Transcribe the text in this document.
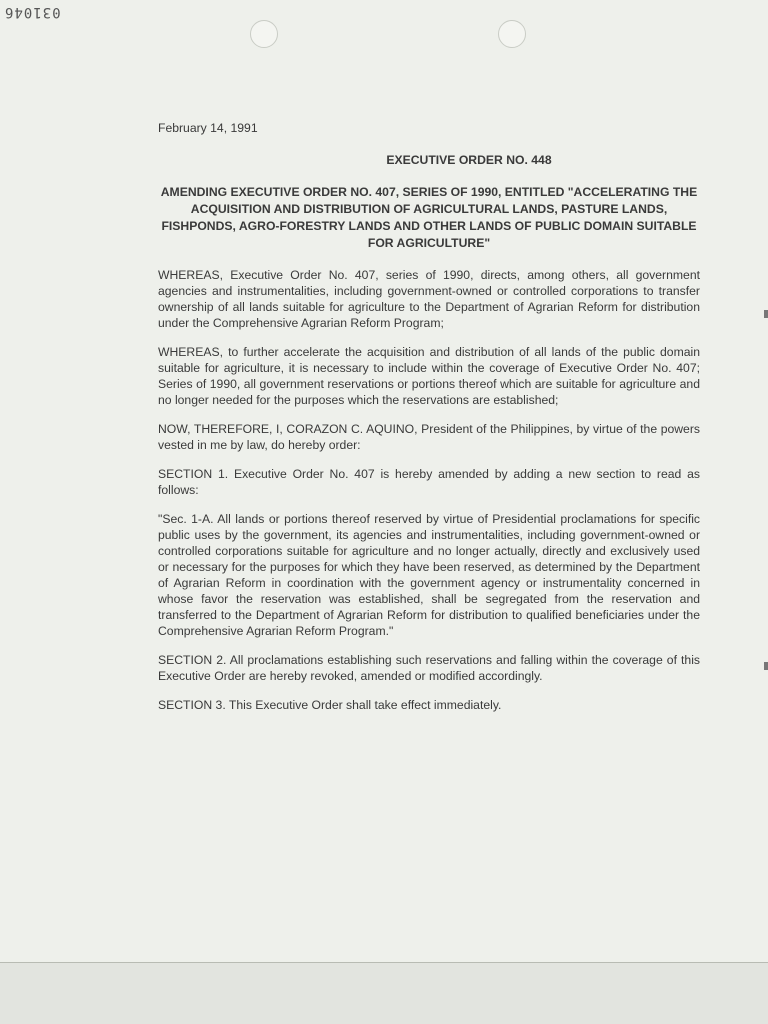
031046

February 14, 1991

EXECUTIVE ORDER NO. 448

AMENDING EXECUTIVE ORDER NO. 407, SERIES OF 1990, ENTITLED "ACCELERATING THE ACQUISITION AND DISTRIBUTION OF AGRICULTURAL LANDS, PASTURE LANDS, FISHPONDS, AGRO-FORESTRY LANDS AND OTHER LANDS OF PUBLIC DOMAIN SUITABLE FOR AGRICULTURE"

WHEREAS, Executive Order No. 407, series of 1990, directs, among others, all government agencies and instrumentalities, including government-owned or controlled corporations to transfer ownership of all lands suitable for agriculture to the Department of Agrarian Reform for distribution under the Comprehensive Agrarian Reform Program;

WHEREAS, to further accelerate the acquisition and distribution of all lands of the public domain suitable for agriculture, it is necessary to include within the coverage of Executive Order No. 407; Series of 1990, all government reservations or portions thereof which are suitable for agriculture and no longer needed for the purposes which the reservations are established;

NOW, THEREFORE, I, CORAZON C. AQUINO, President of the Philippines, by virtue of the powers vested in me by law, do hereby order:

SECTION 1. Executive Order No. 407 is hereby amended by adding a new section to read as follows:

"Sec. 1-A. All lands or portions thereof reserved by virtue of Presidential proclamations for specific public uses by the government, its agencies and instrumentalities, including government-owned or controlled corporations suitable for agriculture and no longer actually, directly and exclusively used or necessary for the purposes for which they have been reserved, as determined by the Department of Agrarian Reform in coordination with the government agency or instrumentality concerned in whose favor the reservation was established, shall be segregated from the reservation and transferred to the Department of Agrarian Reform for distribution to qualified beneficiaries under the Comprehensive Agrarian Reform Program."

SECTION 2. All proclamations establishing such reservations and falling within the coverage of this Executive Order are hereby revoked, amended or modified accordingly.

SECTION 3. This Executive Order shall take effect immediately.
